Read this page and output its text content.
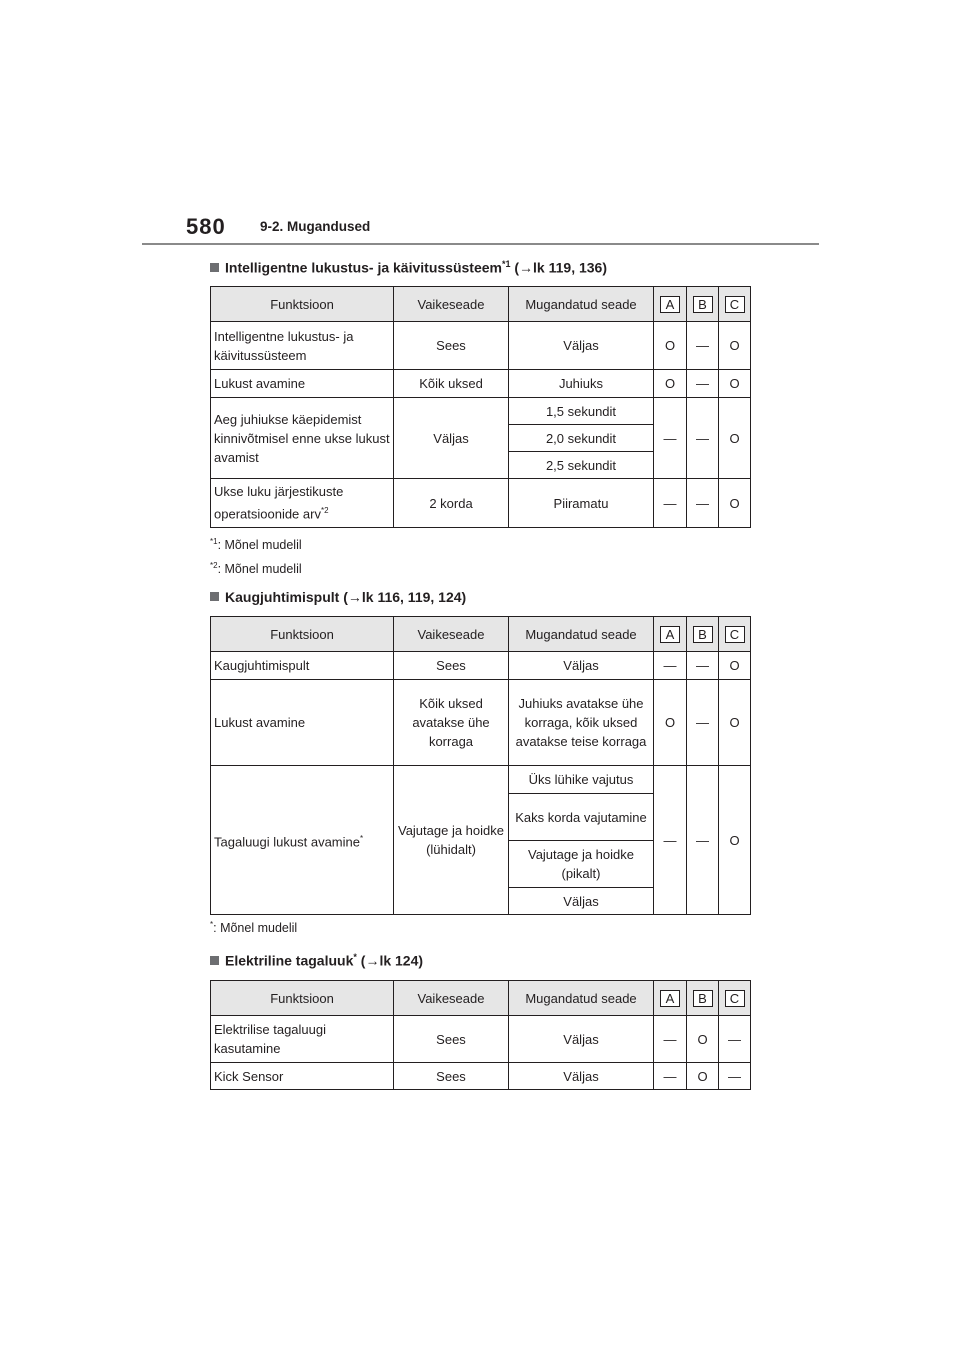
580	9-2. Mugandused
Intelligentne lukustus- ja käivitussüsteem$^{*1}$ (→lk 119, 136)
Funktsioon	Vaikeseade	Mugandatud seade	A	B	C
Intelligentne lukustus- ja käivitussüsteem	Sees	Väljas	O	—	O
Lukust avamine	Kõik uksed	Juhiuks	O	—	O
Aeg juhiukse käepidemist kinnivõtmisel enne ukse lukust avamist	Väljas	1,5 sekundit	—	—	O
		2,0 sekundit			
		2,5 sekundit			
Ukse luku järjestikuste operatsioonide arv$^{*2}$	2 korda	Piiramatu	—	—	O
$^{*1}$: Mõnel mudelil
$^{*2}$: Mõnel mudelil
Kaugjuhtimispult (→lk 116, 119, 124)
Funktsioon	Vaikeseade	Mugandatud seade	A	B	C
Kaugjuhtimispult	Sees	Väljas	—	—	O
Lukust avamine	Kõik uksed avatakse ühe korraga	Juhiuks avatakse ühe korraga, kõik uksed avatakse teise korraga	O	—	O
Tagaluugi lukust avamine*	Vajutage ja hoidke (lühidalt)	Üks lühike vajutus	—	—	O
		Kaks korda vajutamine			
		Vajutage ja hoidke (pikalt)			
		Väljas			
*: Mõnel mudelil
Elektriline tagaluuk* (→lk 124)
Funktsioon	Vaikeseade	Mugandatud seade	A	B	C
Elektrilise tagaluugi kasutamine	Sees	Väljas	—	O	—
Kick Sensor	Sees	Väljas	—	O	—
